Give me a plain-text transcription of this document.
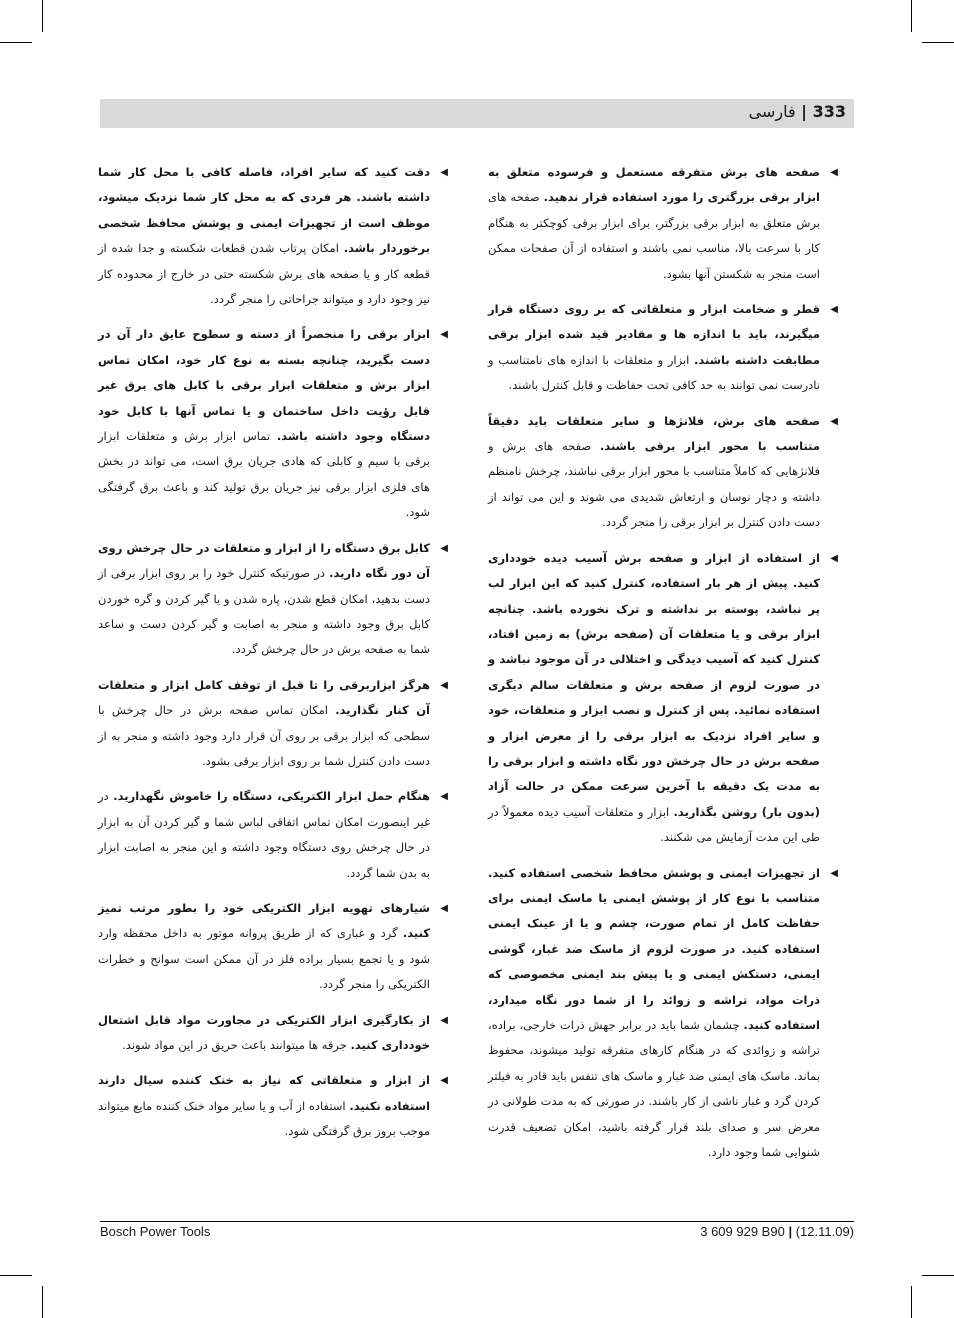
333 | فارسی
◀
صفحه های برش متفرقه مستعمل و فرسوده متعلق به ابزار برقی بزرگتری را مورد استفاده قرار ندهید. صفحه های برش متعلق به ابزار برقی بزرگتر، برای ابزار برقی کوچکتر به هنگام کار با سرعت بالا، مناسب نمی باشند و استفاده از آن صفحات ممکن است منجر به شکستن آنها بشود.
◀
قطر و ضخامت ابزار و متعلقاتی که بر روی دستگاه قرار میگیرند، باید با اندازه ها و مقادیر قید شده ابزار برقی مطابقت داشته باشند. ابزار و متعلقات با اندازه های نامتناسب و نادرست نمی توانند به حد کافی تحت حفاظت و قابل کنترل باشند.
◀
صفحه های برش، فلانژها و سایر متعلقات باید دقیقاً متناسب با محور ابزار برقی باشند. صفحه های برش و فلانژهایی که کاملاً متناسب با محور ابزار برقی نباشند، چرخش نامنظم داشته و دچار نوسان و ارتعاش شدیدی می شوند و این می تواند از دست دادن کنترل بر ابزار برقی را منجر گردد.
◀
از استفاده از ابزار و صفحه برش آسیب دیده خودداری کنید. پیش از هر بار استفاده، کنترل کنید که این ابزار لب پر نباشد، پوسته بر نداشته و ترک نخورده باشد. چنانچه ابزار برقی و یا متعلقات آن (صفحه برش) به زمین افتاد، کنترل کنید که آسیب دیدگی و اختلالی در آن موجود نباشد و در صورت لزوم از صفحه برش و متعلقات سالم دیگری استفاده نمائید. پس از کنترل و نصب ابزار و متعلقات، خود و سایر افراد نزدیک به ابزار برقی را از معرض ابزار و صفحه برش در حال چرخش دور نگاه داشته و ابزار برقی را به مدت یک دقیقه با آخرین سرعت ممکن در حالت آزاد (بدون بار) روشن بگذارید. ابزار و متعلقات آسیب دیده معمولاً در طی این مدت آزمایش می شکنند.
◀
از تجهیزات ایمنی و پوشش محافظ شخصی استفاده کنید. متناسب با نوع کار از پوشش ایمنی یا ماسک ایمنی برای حفاظت کامل از تمام صورت، چشم و یا از عینک ایمنی استفاده کنید. در صورت لزوم از ماسک ضد غبار، گوشی ایمنی، دستکش ایمنی و یا پیش بند ایمنی مخصوصی که ذرات مواد، تراشه و زوائد را از شما دور نگاه میدارد، استفاده کنید. چشمان شما باید در برابر جهش ذرات خارجی، براده، تراشه و زوائدی که در هنگام کارهای متفرقه تولید میشوند، محفوظ بماند. ماسک های ایمنی ضد غبار و ماسک های تنفس باید قادر به فیلتر کردن گرد و غبار ناشی از کار باشند. در صورتی که به مدت طولانی در معرض سر و صدای بلند قرار گرفته باشید، امکان تضعیف قدرت شنوایی شما وجود دارد.
◀
دقت کنید که سایر افراد، فاصله کافی با محل کار شما داشته باشند. هر فردی که به محل کار شما نزدیک میشود، موظف است از تجهیزات ایمنی و پوشش محافظ شخصی برخوردار باشد. امکان پرتاب شدن قطعات شکسته و جدا شده از قطعه کار و یا صفحه های برش شکسته حتی در خارج از محدوده کار نیز وجود دارد و میتواند جراحاتی را منجر گردد.
◀
ابزار برقی را منحصراً از دسته و سطوح عایق دار آن در دست بگیرید، چنانچه بسته به نوع کار خود، امکان تماس ابزار برش و متعلقات ابزار برقی با کابل های برق غیر قابل رؤیت داخل ساختمان و یا تماس آنها با کابل خود دستگاه وجود داشته باشد. تماس ابزار برش و متعلقات ابزار برقی با سیم و کابلی که هادی جریان برق است، می تواند در بخش های فلزی ابزار برقی نیز جریان برق تولید کند و باعث برق گرفتگی شود.
◀
کابل برق دستگاه را از ابزار و متعلقات در حال چرخش روی آن دور نگاه دارید. در صورتیکه کنترل خود را بر روی ابزار برقی از دست بدهید، امکان قطع شدن، پاره شدن و یا گیر کردن و گره خوردن کابل برق وجود داشته و منجر به اصابت و گیر کردن دست و ساعد شما به صفحه برش در حال چرخش گردد.
◀
هرگز ابزاربرقی را تا قبل از توقف کامل ابزار و متعلقات آن کنار نگذارید. امکان تماس صفحه برش در حال چرخش با سطحی که ابزار برقی بر روی آن قرار دارد وجود داشته و منجر به از دست دادن کنترل شما بر روی ابزار برقی بشود.
◀
هنگام حمل ابزار الکتریکی، دستگاه را خاموش نگهدارید. در غیر اینصورت امکان تماس اتفاقی لباس شما و گیر کردن آن به ابزار در حال چرخش روی دستگاه وجود داشته و این منجر به اصابت ابزار به بدن شما گردد.
◀
شیارهای تهویه ابزار الکتریکی خود را بطور مرتب تمیز کنید. گرد و غباری که از طریق پروانه موتور به داخل محفظه وارد شود و یا تجمع بسیار براده فلز در آن ممکن است سوانح و خطرات الکتریکی را منجر گردد.
◀
از بکارگیری ابزار الکتریکی در مجاورت مواد قابل اشتعال خودداری کنید. جرقه ها میتوانند باعث حریق در این مواد شوند.
◀
از ابزار و متعلقاتی که نیاز به خنک کننده سیال دارند استفاده نکنید. استفاده از آب و یا سایر مواد خنک کننده مایع میتواند موجب بروز برق گرفتگی شود.
Bosch Power Tools	3 609 929 B90 | (12.11.09)
